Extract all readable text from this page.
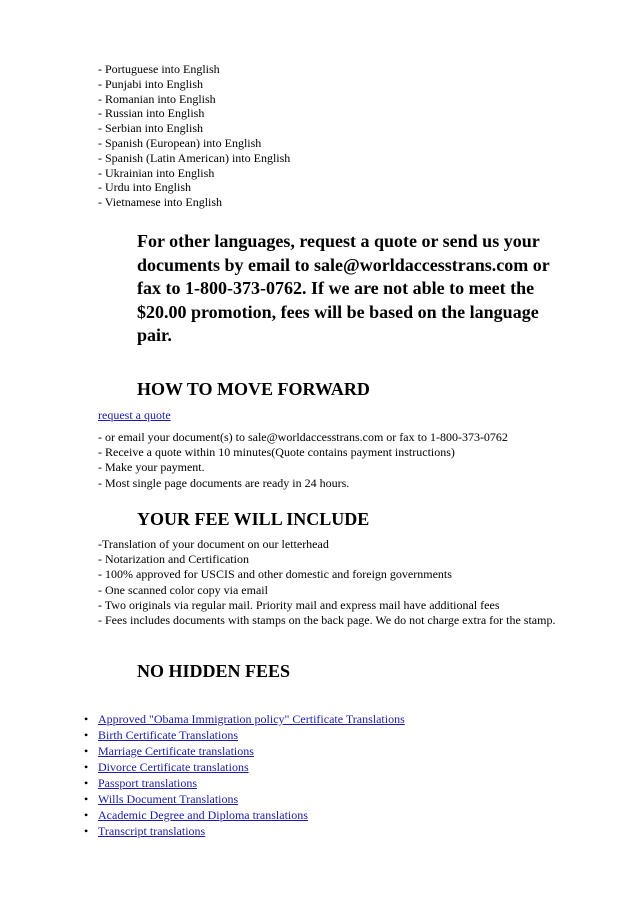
- Portuguese into English
- Punjabi into English
- Romanian into English
- Russian into English
- Serbian into English
- Spanish (European) into English
- Spanish (Latin American) into English
- Ukrainian into English
- Urdu into English
- Vietnamese into English
For other languages, request a quote or send us your documents by email to sale@worldaccesstrans.com or fax to 1-800-373-0762. If we are not able to meet the $20.00 promotion, fees will be based on the language pair.
HOW TO MOVE FORWARD
request a quote
- or email your document(s) to sale@worldaccesstrans.com or fax to 1-800-373-0762
- Receive a quote within 10 minutes(Quote contains payment instructions)
- Make your payment.
- Most single page documents are ready in 24 hours.
YOUR FEE WILL INCLUDE
-Translation of your document on our letterhead
- Notarization and Certification
- 100% approved for USCIS and other domestic and foreign governments
- One scanned color copy via email
- Two originals via regular mail. Priority mail and express mail have additional fees
- Fees includes documents with stamps on the back page. We do not charge extra for the stamp.
NO HIDDEN FEES
• Approved "Obama Immigration policy" Certificate Translations
• Birth Certificate Translations
• Marriage Certificate translations
• Divorce Certificate translations
• Passport translations
• Wills Document Translations
• Academic Degree and Diploma translations
• Transcript translations
